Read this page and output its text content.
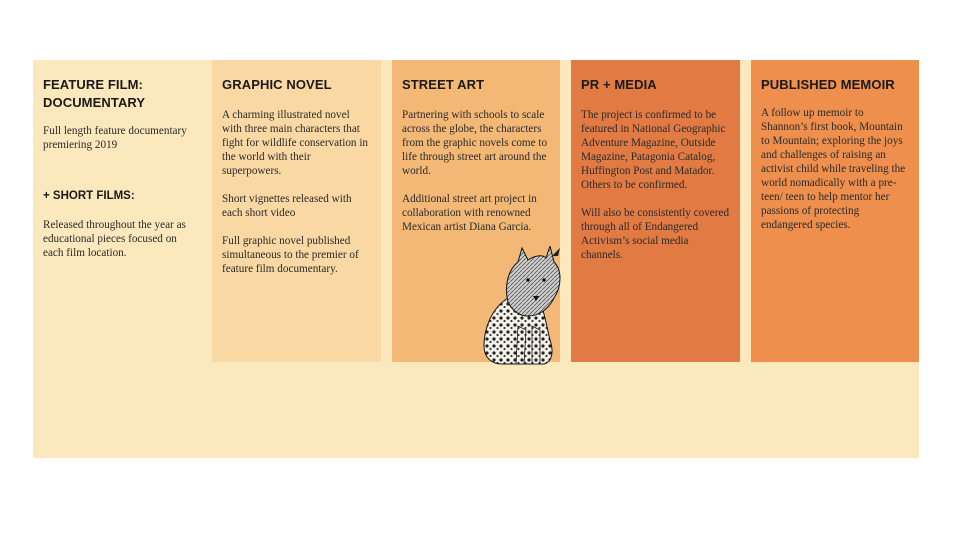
FEATURE FILM:
DOCUMENTARY

Full length feature documentary premiering 2019

+ SHORT FILMS:

Released throughout the year as educational pieces focused on each film location.

GRAPHIC NOVEL

A charming illustrated novel with three main characters that fight for wildlife conservation in the world with their superpowers.

Short vignettes released with each short video

Full graphic novel published simultaneous to the premier of feature film documentary.

STREET ART

Partnering with schools to scale across the globe, the characters from the graphic novels come to life through street art around the world.

Additional street art project in collaboration with renowned Mexican artist Diana Garcia.

PR + MEDIA

The project is confirmed to be featured in National Geographic Adventure Magazine, Outside Magazine, Patagonia Catalog, Huffington Post and Matador. Others to be confirmed.

Will also be consistently covered through all of Endangered Activism’s social media channels.

PUBLISHED MEMOIR

A follow up memoir to Shannon’s first book, Mountain to Mountain; exploring the joys and challenges of raising an activist child while traveling the world nomadically with a pre-teen/ teen to help mentor her passions of protecting endangered species.
